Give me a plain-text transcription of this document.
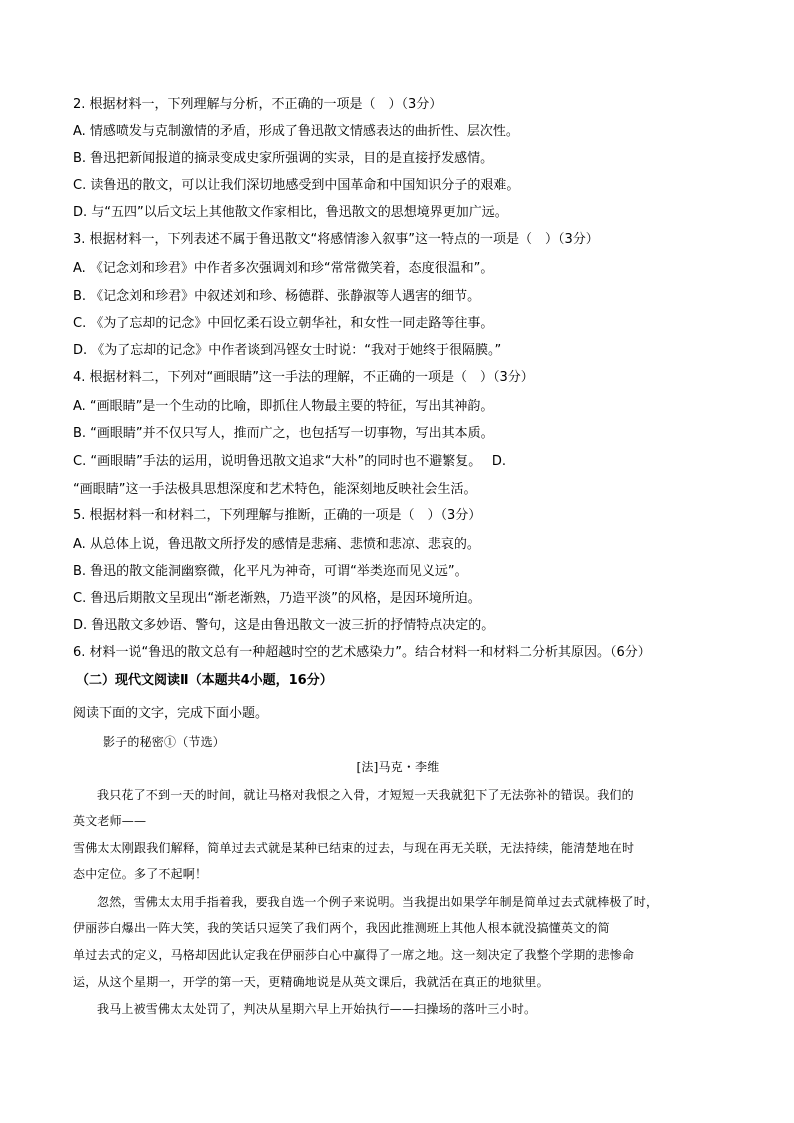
2. 根据材料一，下列理解与分析，不正确的一项是（　）（3分）
A. 情感喷发与克制激情的矛盾，形成了鲁迅散文情感表达的曲折性、层次性。
B. 鲁迅把新闻报道的摘录变成史家所强调的实录，目的是直接抒发感情。
C. 读鲁迅的散文，可以让我们深切地感受到中国革命和中国知识分子的艰难。
D. 与“五四”以后文坛上其他散文作家相比，鲁迅散文的思想境界更加广远。
3. 根据材料一，下列表述不属于鲁迅散文“将感情渗入叙事”这一特点的一项是（　）（3分）
A. 《记念刘和珍君》中作者多次强调刘和珍“常常微笑着，态度很温和”。
B. 《记念刘和珍君》中叙述刘和珍、杨德群、张静淑等人遇害的细节。
C. 《为了忘却的记念》中回忆柔石设立朝华社，和女性一同走路等往事。
D. 《为了忘却的记念》中作者谈到冯铿女士时说：“我对于她终于很隔膜。”
4. 根据材料二，下列对“画眼睛”这一手法的理解，不正确的一项是（　）（3分）
A. “画眼睛”是一个生动的比喻，即抓住人物最主要的特征，写出其神韵。
B. “画眼睛”并不仅只写人，推而广之，也包括写一切事物，写出其本质。
C. “画眼睛”手法的运用，说明鲁迅散文追求“大朴”的同时也不避繁复。　 D.
“画眼睛”这一手法极具思想深度和艺术特色，能深刻地反映社会生活。
5. 根据材料一和材料二，下列理解与推断，正确的一项是（　）（3分）
A. 从总体上说，鲁迅散文所抒发的感情是悲痛、悲愤和悲凉、悲哀的。
B. 鲁迅的散文能洞幽察微，化平凡为神奇，可谓“举类迩而见义远”。
C. 鲁迅后期散文呈现出“渐老渐熟，乃造平淡”的风格，是因环境所迫。
D. 鲁迅散文多妙语、警句，这是由鲁迅散文一波三折的抒情特点决定的。
6. 材料一说“鲁迅的散文总有一种超越时空的艺术感染力”。结合材料一和材料二分析其原因。（6分）
（二）现代文阅读Ⅱ（本题共4小题，16分）
阅读下面的文字，完成下面小题。
影子的秘密①（节选）
[法]马克・李维
我只花了不到一天的时间，就让马格对我恨之入骨，才短短一天我就犯下了无法弥补的错误。我们的
英文老师——
雪佛太太刚跟我们解释，简单过去式就是某种已结束的过去，与现在再无关联，无法持续，能清楚地在时
态中定位。多了不起啊！
忽然，雪佛太太用手指着我，要我自选一个例子来说明。当我提出如果学年制是简单过去式就棒极了时，
伊丽莎白爆出一阵大笑，我的笑话只逗笑了我们两个，我因此推测班上其他人根本就没搞懂英文的简
单过去式的定义，马格却因此认定我在伊丽莎白心中赢得了一席之地。这一刻决定了我整个学期的悲惨命
运，从这个星期一，开学的第一天，更精确地说是从英文课后，我就活在真正的地狱里。
我马上被雪佛太太处罚了，判决从星期六早上开始执行——扫操场的落叶三小时。
